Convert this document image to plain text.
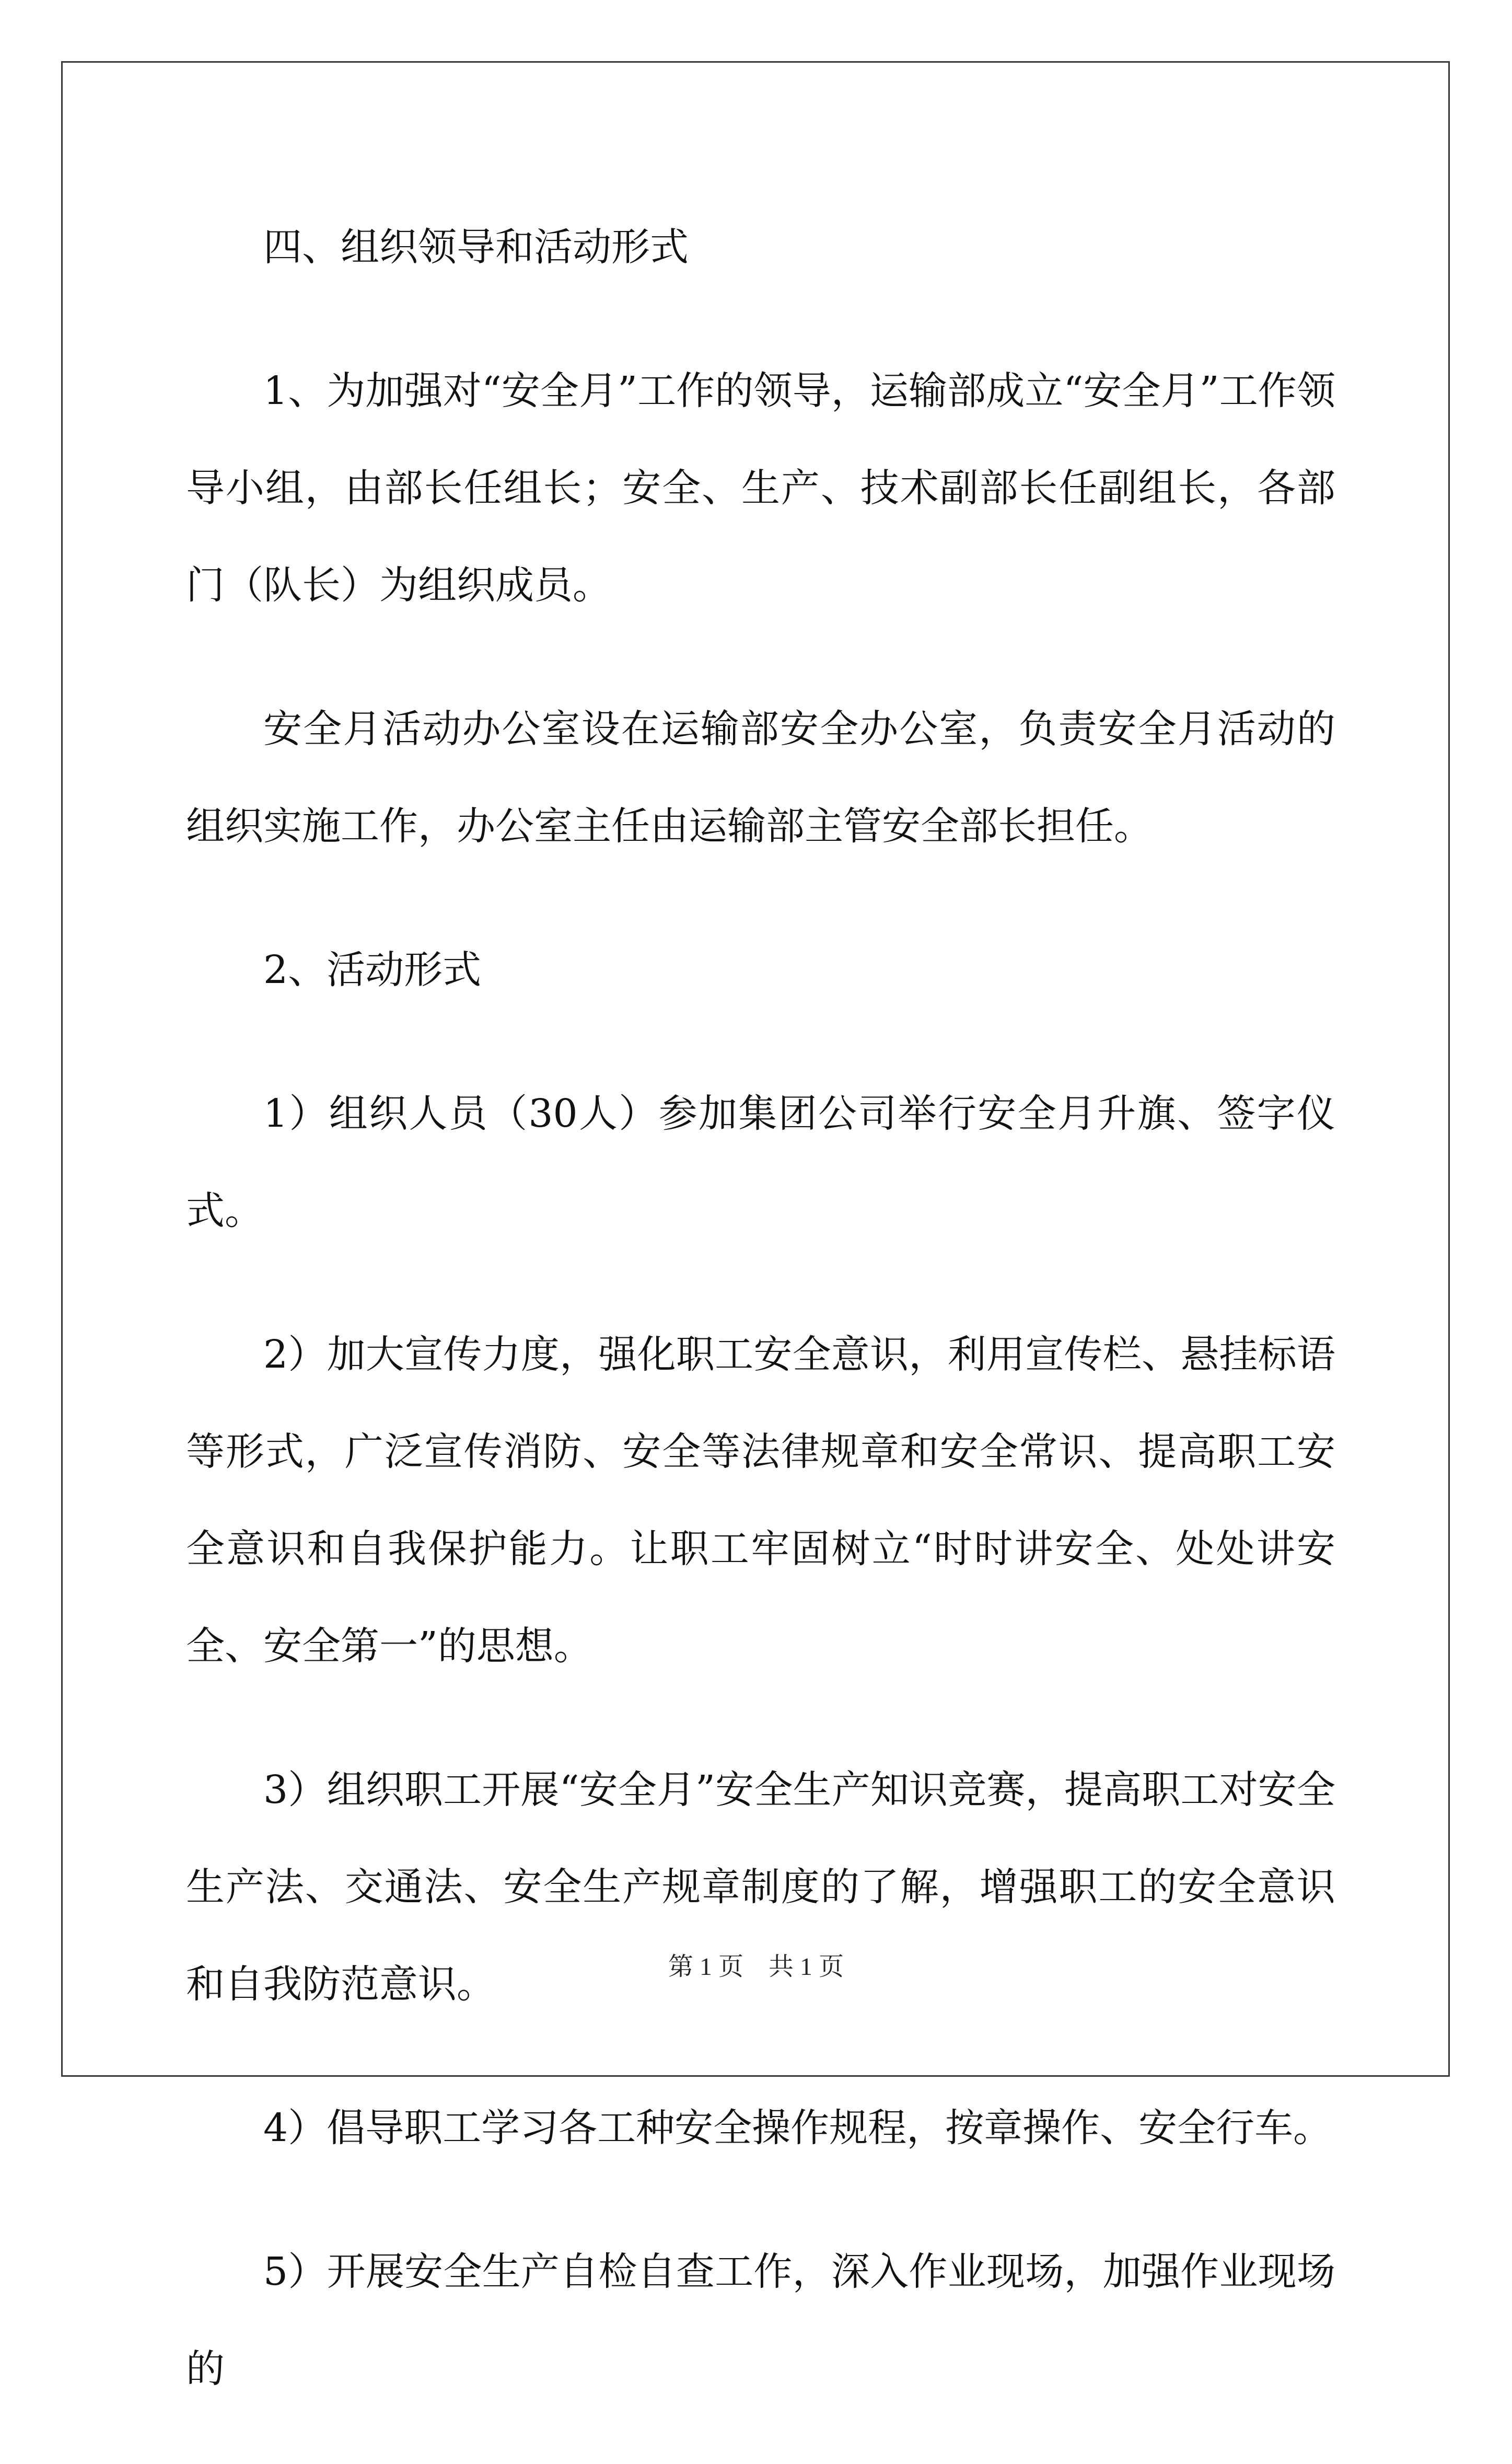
四、组织领导和活动形式

1、为加强对“安全月”工作的领导，运输部成立“安全月”工作领导小组，由部长任组长；安全、生产、技术副部长任副组长，各部门（队长）为组织成员。

安全月活动办公室设在运输部安全办公室，负责安全月活动的组织实施工作，办公室主任由运输部主管安全部长担任。

2、活动形式

1）组织人员（30人）参加集团公司举行安全月升旗、签字仪式。

2）加大宣传力度，强化职工安全意识，利用宣传栏、悬挂标语等形式，广泛宣传消防、安全等法律规章和安全常识、提高职工安全意识和自我保护能力。让职工牢固树立“时时讲安全、处处讲安全、安全第一”的思想。

3）组织职工开展“安全月”安全生产知识竞赛，提高职工对安全生产法、交通法、安全生产规章制度的了解，增强职工的安全意识和自我防范意识。

4）倡导职工学习各工种安全操作规程，按章操作、安全行车。

5）开展安全生产自检自查工作，深入作业现场，加强作业现场的

第 1 页　共 1 页
